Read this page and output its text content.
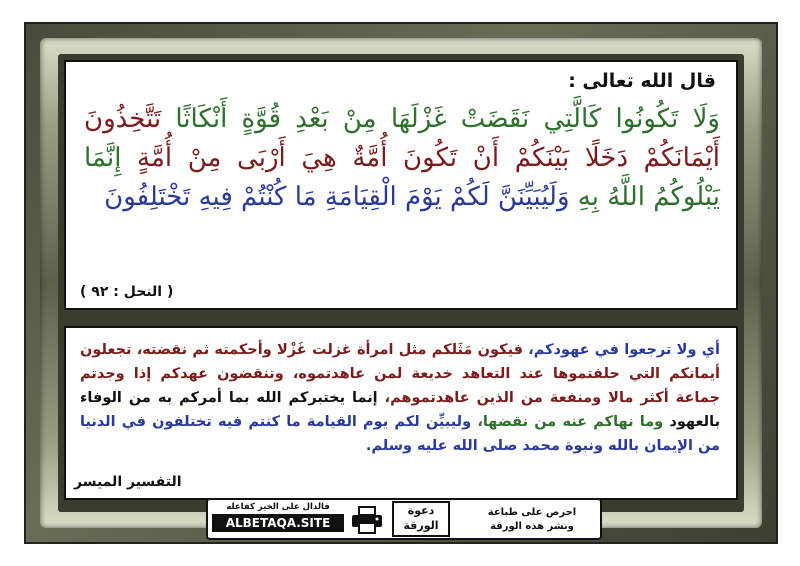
قال الله تعالى :
وَلَا تَكُونُوا كَالَّتِي نَقَضَتْ غَزْلَهَا مِنْ بَعْدِ قُوَّةٍ أَنْكَاثًا تَتَّخِذُونَ أَيْمَانَكُمْ دَخَلًا بَيْنَكُمْ أَنْ تَكُونَ أُمَّةٌ هِيَ أَرْبَى مِنْ أُمَّةٍ إِنَّمَا يَبْلُوكُمُ اللَّهُ بِهِ وَلَيُبَيِّنَنَّ لَكُمْ يَوْمَ الْقِيَامَةِ مَا كُنْتُمْ فِيهِ تَخْتَلِفُونَ
( النحل : ٩٢ )
أي ولا ترجعوا في عهودكم، فيكون مَثَلكم مثل امرأة غزلت غَزْلا وأحكمته ثم نقضته، تجعلون أيمانكم التي حلفتموها عند التعاهد خديعة لمن عاهدتموه، وتنقضون عهدكم إذا وجدتم جماعة أكثر مالا ومنفعة من الذين عاهدتموهم، إنما يختبركم الله بما أمركم به من الوفاء بالعهود وما نهاكم عنه من نقضها، وليبيِّن لكم يوم القيامة ما كنتم فيه تختلفون في الدنيا من الإيمان بالله ونبوة محمد صلى الله عليه وسلم.
التفسير الميسر
احرص على طباعة
ونشر هذه الورقة
دعوة
الورقة
فالدال على الخير كفاعله
ALBETAQA.SITE
